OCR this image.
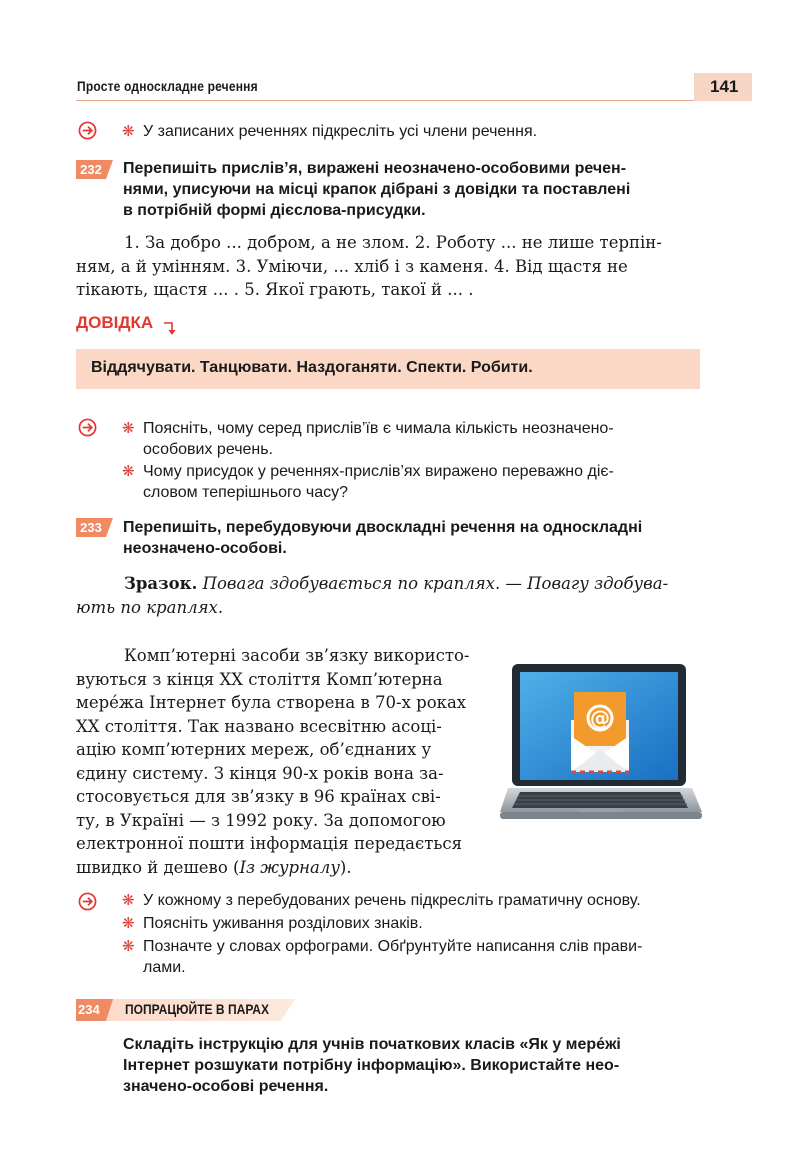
Просте односкладне речення	141
❋ У записаних реченнях підкресліть усі члени речення.
232 Перепишіть прислів’я, виражені неозначено-особовими речен-
нями, уписуючи на місці крапок дібрані з довідки та поставлені
в потрібній формі дієслова-присудки.
1. За добро ... добром, а не злом. 2. Роботу ... не лише терпін-
ням, а й умінням. 3. Уміючи, ... хліб і з каменя. 4. Від щастя не
тікають, щастя ... . 5. Якої грають, такої й ... .
ДОВІДКА
Віддячувати. Танцювати. Наздоганяти. Спекти. Робити.
❋ Поясніть, чому серед прислів’їв є чимала кількість неозначено-
особових речень.
❋ Чому присудок у реченнях-прислів’ях виражено переважно діє-
словом теперішнього часу?
233 Перепишіть, перебудовуючи двоскладні речення на односкладні
неозначено-особові.
Зразок. Повага здобувається по краплях. — Повагу здобува-
ють по краплях.
Комп’ютерні засоби зв’язку використо-
вуються з кінця XX століття Комп’ютерна
мере́жа Інтернет була створена в 70-х роках
XX століття. Так названо всесвітню асоці-
ацію комп’ютерних мереж, об’єднаних у
єдину систему. З кінця 90-х років вона за-
стосовується для зв’язку в 96 країнах сві-
ту, в Україні — з 1992 року. За допомогою
електронної пошти інформація передається
швидко й дешево (Із журналу).
@
❋ У кожному з перебудованих речень підкресліть граматичну основу.
❋ Поясніть уживання розділових знаків.
❋ Позначте у словах орфограми. Обґрунтуйте написання слів прави-
лами.
234 ПОПРАЦЮЙТЕ В ПАРАХ
Складіть інструкцію для учнів початкових класів «Як у мере́жі
Інтернет розшукати потрібну інформацію». Використайте нео-
значено-особові речення.
